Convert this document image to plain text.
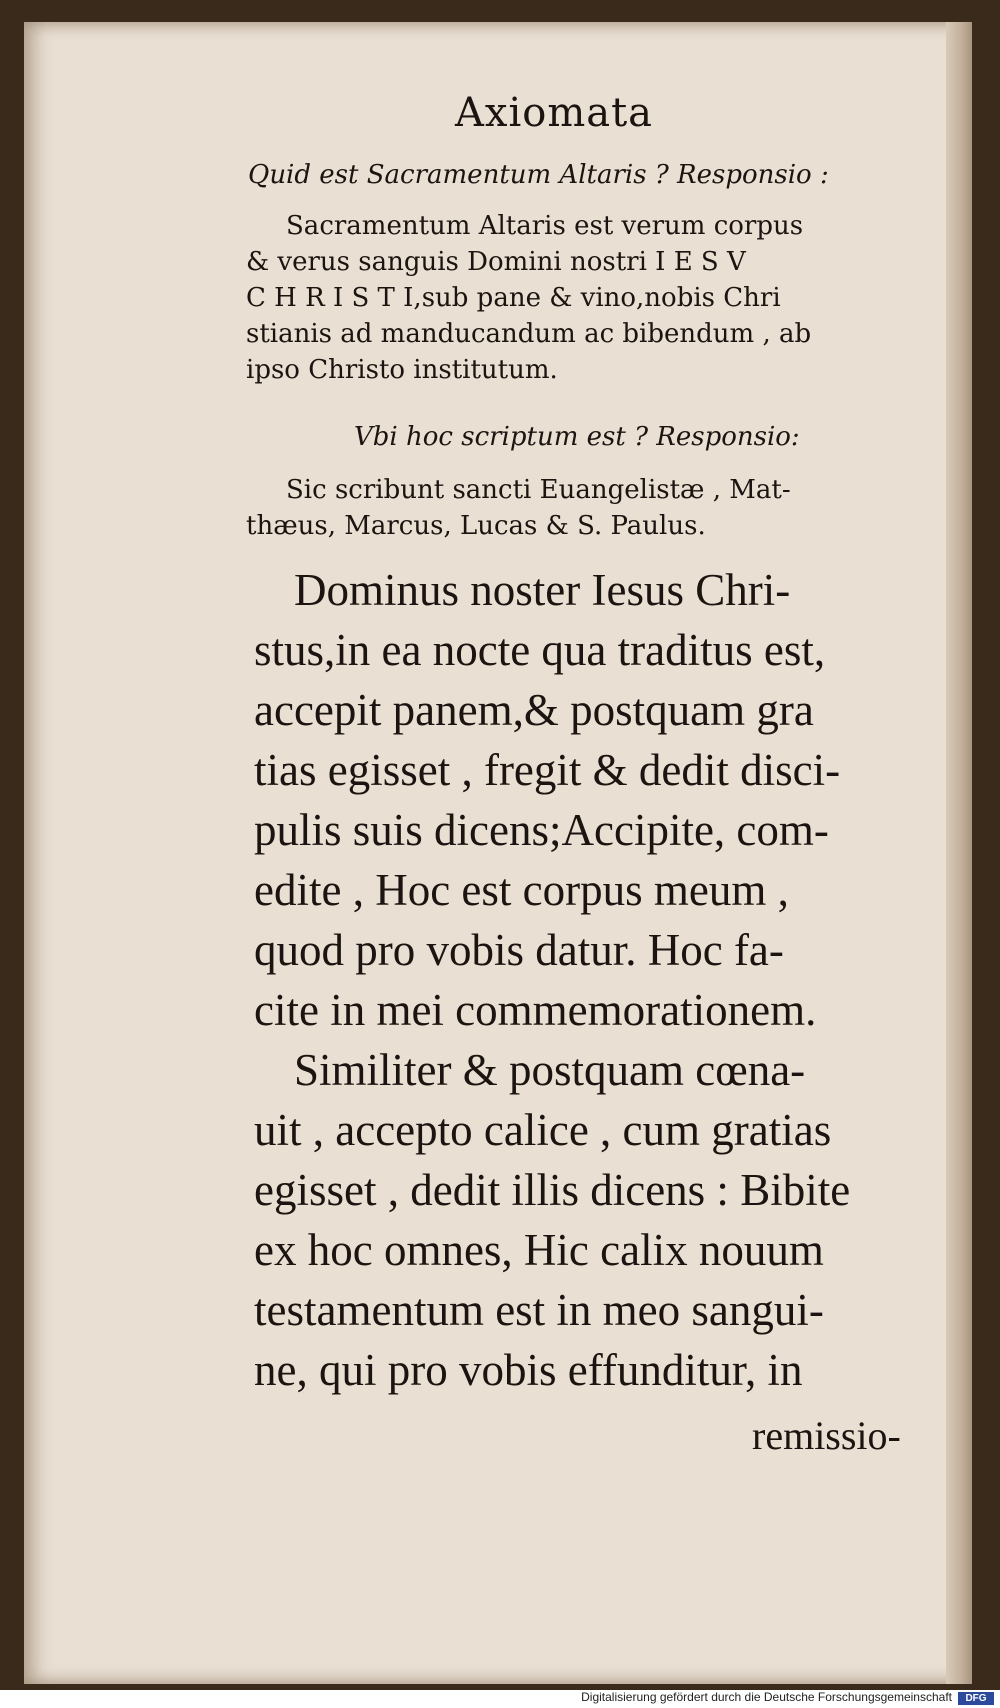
Axiomata
Quid est Sacramentum Altaris ? Responsio :
Sacramentum Altaris est verum corpus
& verus sanguis Domini nostri I E S V
C H R I S T I,sub pane & vino,nobis Chri
stianis ad manducandum ac bibendum , ab
ipso Christo institutum.
Vbi hoc scriptum est ? Responsio:
Sic scribunt sancti Euangelistæ , Mat-
thæus, Marcus, Lucas & S. Paulus.
Dominus noster Iesus Chri-
stus,in ea nocte qua traditus est,
accepit panem,& postquam gra
tias egisset , fregit & dedit disci-
pulis suis dicens;Accipite, com-
edite , Hoc est corpus meum ,
quod pro vobis datur. Hoc fa-
cite in mei commemorationem.
Similiter & postquam cœna-
uit , accepto calice , cum gratias
egisset , dedit illis dicens : Bibite
ex hoc omnes, Hic calix nouum
testamentum est in meo sangui-
ne, qui pro vobis effunditur, in
remissio-
Digitalisierung gefördert durch die Deutsche Forschungsgemeinschaft	DFG
